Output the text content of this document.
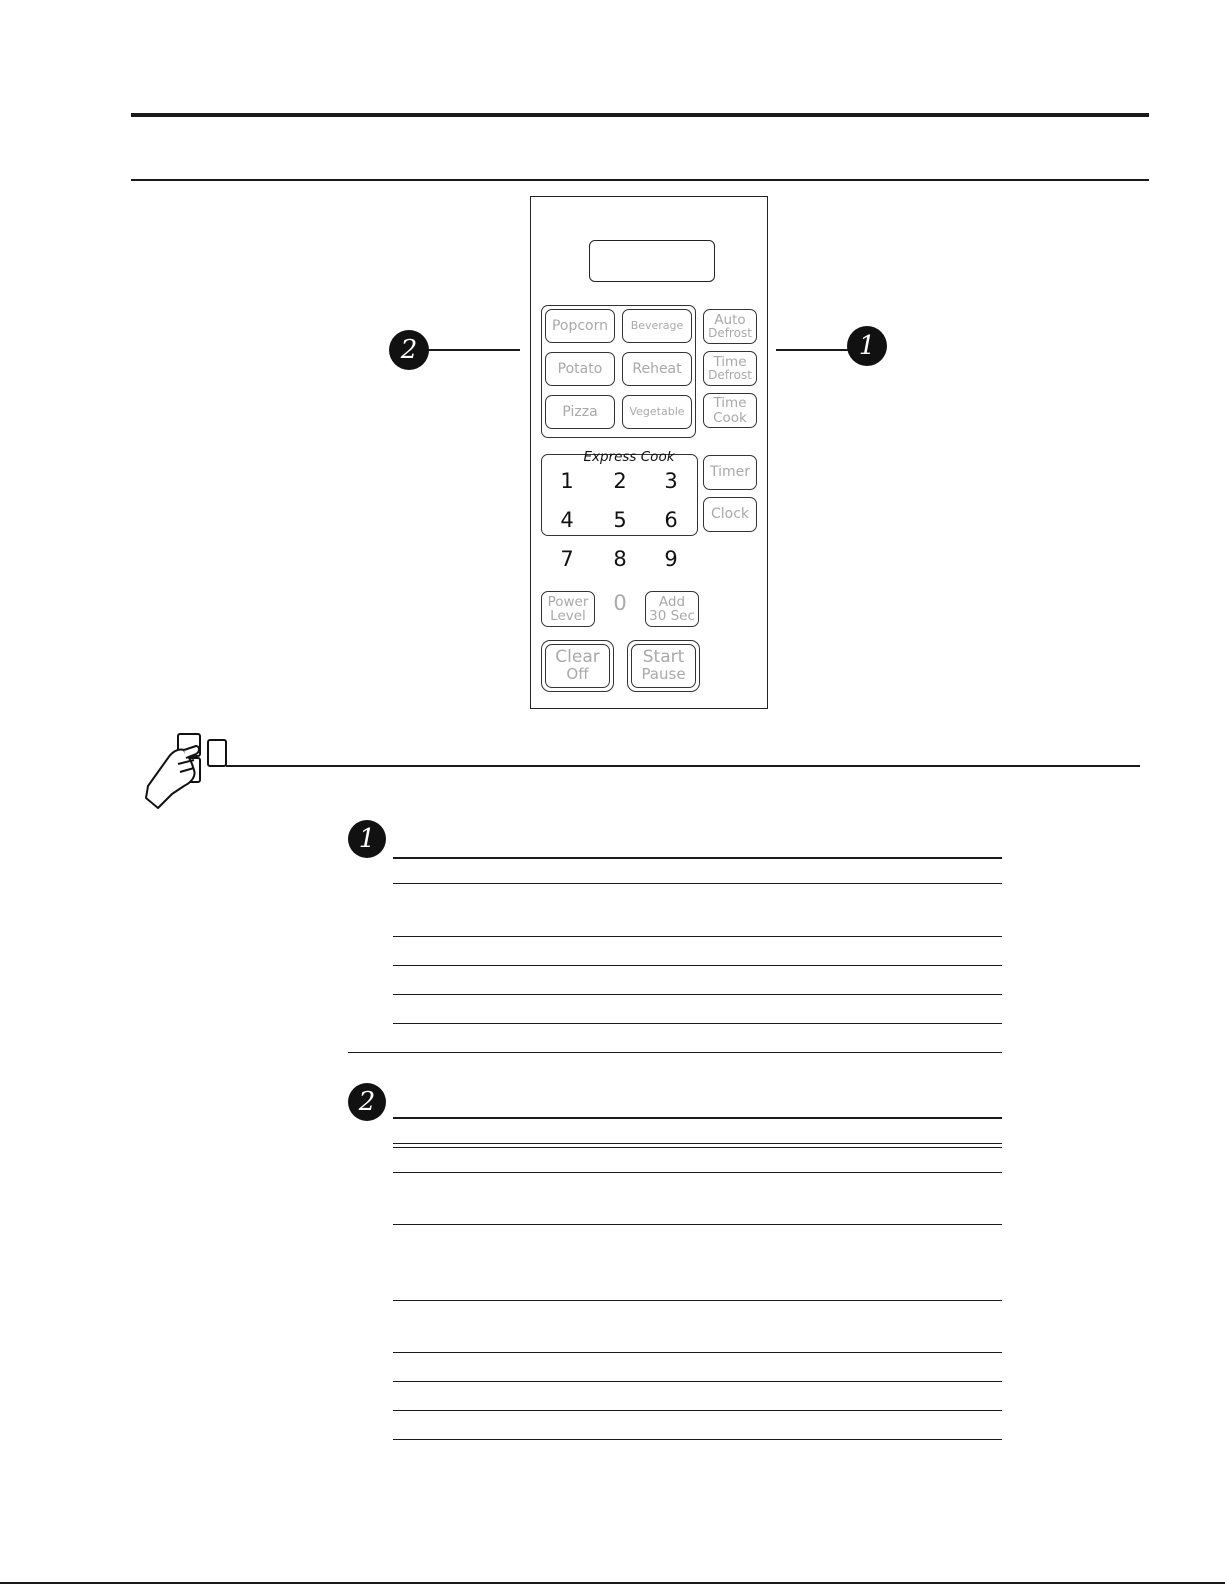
2	1
Popcorn Beverage
Potato Reheat
Pizza	Vegetable
Auto
Defrost
Time
Defrost
Time
Cook
Timer
Clock
Express Cook
1	2	3
4	5	6
7	8	9
Power
Level
0	Add
30 Sec
Clear
Off
Start
Pause
1
2
